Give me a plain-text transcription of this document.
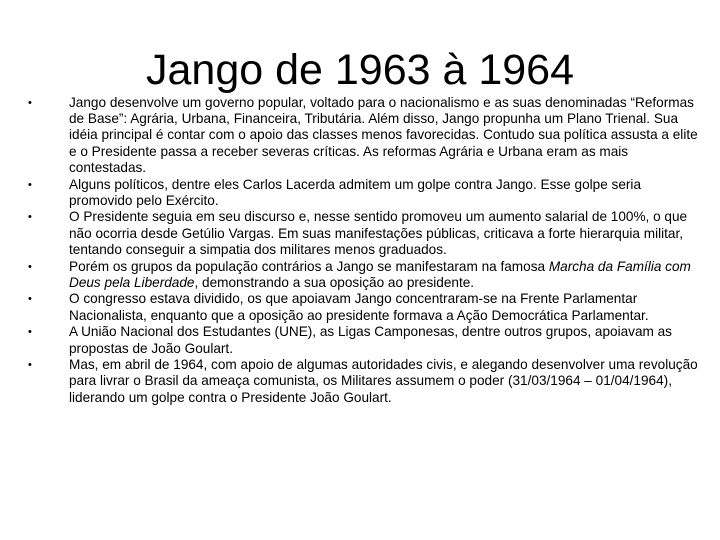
Jango de 1963 à 1964
•	Jango desenvolve um governo popular, voltado para o nacionalismo e as suas denominadas “Reformas de Base”: Agrária, Urbana, Financeira, Tributária. Além disso, Jango propunha um Plano Trienal. Sua idéia principal é contar com o apoio das classes menos favorecidas. Contudo sua política assusta a elite e o Presidente passa a receber severas críticas. As reformas Agrária e Urbana eram as mais contestadas.
•	Alguns políticos, dentre eles Carlos Lacerda admitem um golpe contra Jango. Esse golpe seria promovido pelo Exército.
•	O Presidente seguia em seu discurso e, nesse sentido promoveu um aumento salarial de 100%, o que não ocorria desde Getúlio Vargas. Em suas manifestações públicas, criticava a forte hierarquia militar, tentando conseguir a simpatia dos militares menos graduados.
•	Porém os grupos da população contrários a Jango se manifestaram na famosa Marcha da Família com Deus pela Liberdade, demonstrando a sua oposição ao presidente.
•	O congresso estava dividido, os que apoiavam Jango concentraram-se na Frente Parlamentar Nacionalista, enquanto que a oposição ao presidente formava a Ação Democrática Parlamentar.
•	A União Nacional dos Estudantes (UNE), as Ligas Camponesas, dentre outros grupos, apoiavam as propostas de João Goulart.
•	Mas, em abril de 1964, com apoio de algumas autoridades civis, e alegando desenvolver uma revolução para livrar o Brasil da ameaça comunista, os Militares assumem o poder (31/03/1964 – 01/04/1964), liderando um golpe contra o Presidente João Goulart.
